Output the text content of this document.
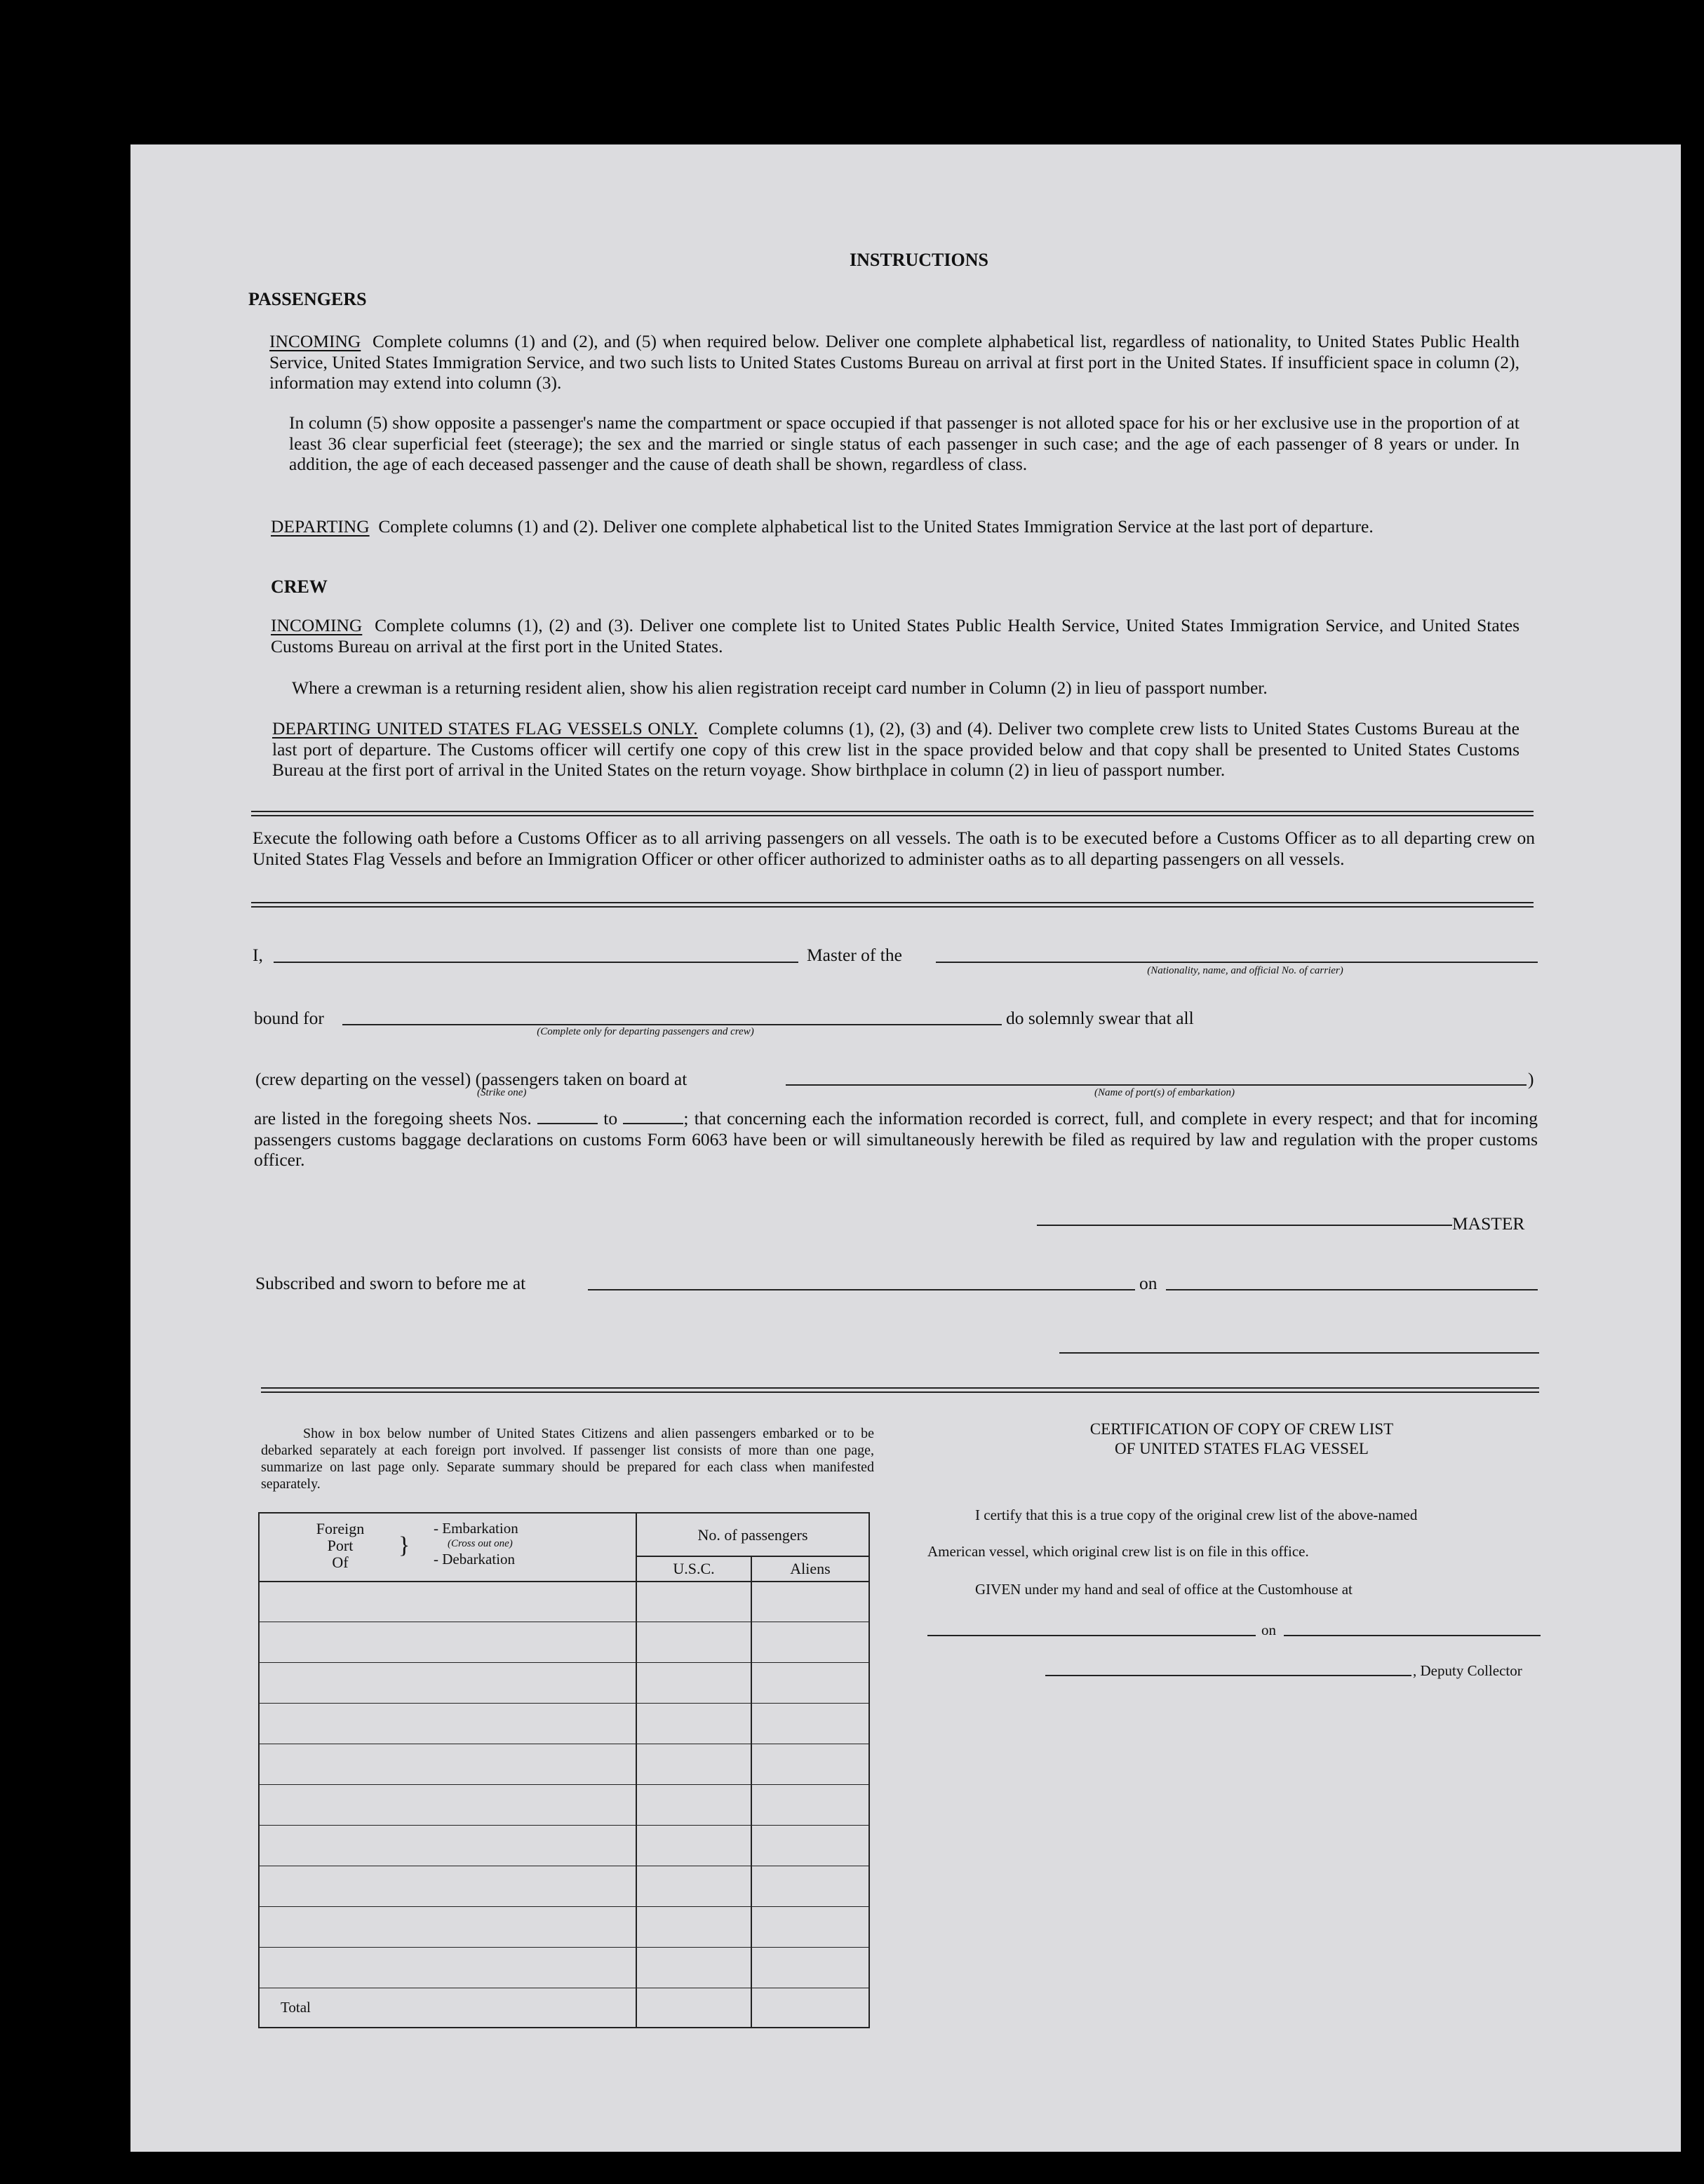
INSTRUCTIONS
PASSENGERS
INCOMING Complete columns (1) and (2), and (5) when required below. Deliver one complete alphabetical list, regardless of nationality, to United States Public Health Service, United States Immigration Service, and two such lists to United States Customs Bureau on arrival at first port in the United States. If insufficient space in column (2), information may extend into column (3).
In column (5) show opposite a passenger's name the compartment or space occupied if that passenger is not alloted space for his or her exclusive use in the proportion of at least 36 clear superficial feet (steerage); the sex and the married or single status of each passenger in such case; and the age of each passenger of 8 years or under. In addition, the age of each deceased passenger and the cause of death shall be shown, regardless of class.
DEPARTING Complete columns (1) and (2). Deliver one complete alphabetical list to the United States Immigration Service at the last port of departure.
CREW
INCOMING Complete columns (1), (2) and (3). Deliver one complete list to United States Public Health Service, United States Immigration Service, and United States Customs Bureau on arrival at the first port in the United States.
Where a crewman is a returning resident alien, show his alien registration receipt card number in Column (2) in lieu of passport number.
DEPARTING UNITED STATES FLAG VESSELS ONLY. Complete columns (1), (2), (3) and (4). Deliver two complete crew lists to United States Customs Bureau at the last port of departure. The Customs officer will certify one copy of this crew list in the space provided below and that copy shall be presented to United States Customs Bureau at the first port of arrival in the United States on the return voyage. Show birthplace in column (2) in lieu of passport number.
Execute the following oath before a Customs Officer as to all arriving passengers on all vessels. The oath is to be executed before a Customs Officer as to all departing crew on United States Flag Vessels and before an Immigration Officer or other officer authorized to administer oaths as to all departing passengers on all vessels.
I,	Master of the
(Nationality, name, and official No. of carrier)
bound for
(Complete only for departing passengers and crew)
do solemnly swear that all
(crew departing on the vessel) (passengers taken on board at
(Strike one)	(Name of port(s) of embarkation)
)
are listed in the foregoing sheets Nos.	to	; that concerning each the information recorded is correct, full, and complete in every respect; and that for incoming passengers customs baggage declarations on customs Form 6063 have been or will simultaneously herewith be filed as required by law and regulation with the proper customs officer.
MASTER
Subscribed and sworn to before me at	on
Show in box below number of United States Citizens and alien passengers embarked or to be debarked separately at each foreign port involved. If passenger list consists of more than one page, summarize on last page only. Separate summary should be prepared for each class when manifested separately.
Foreign
Port
Of
}
- Embarkation
(Cross out one)
- Debarkation
No. of passengers
U.S.C.	Aliens
Total
CERTIFICATION OF COPY OF CREW LIST
OF UNITED STATES FLAG VESSEL
I certify that this is a true copy of the original crew list of the above-named
American vessel, which original crew list is on file in this office.
GIVEN under my hand and seal of office at the Customhouse at
on
, Deputy Collector
